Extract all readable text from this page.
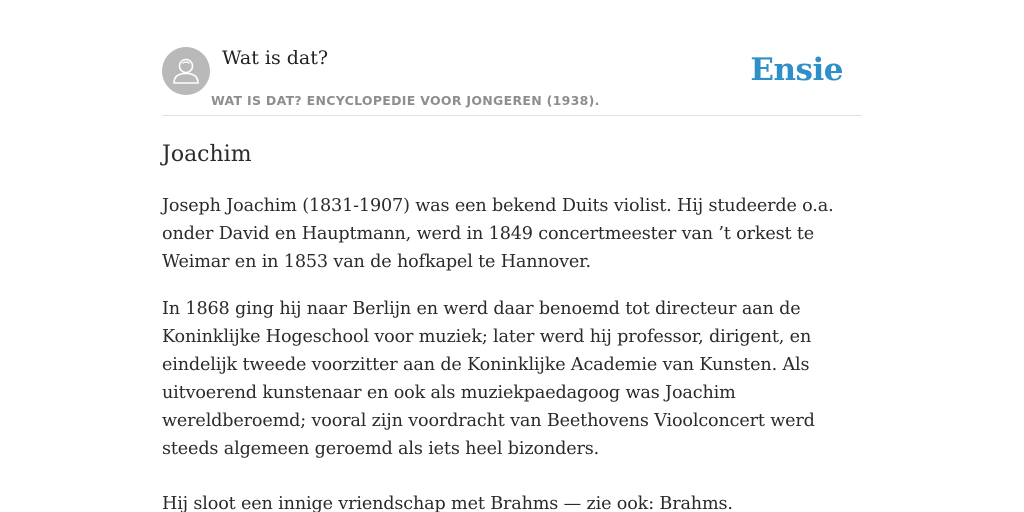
Wat is dat?
WAT IS DAT? ENCYCLOPEDIE VOOR JONGEREN (1938).
Ensie
Joachim

Joseph Joachim (1831-1907) was een bekend Duits violist. Hij studeerde o.a. onder David en Hauptmann, werd in 1849 concertmeester van ’t orkest te Weimar en in 1853 van de hofkapel te Hannover.

In 1868 ging hij naar Berlijn en werd daar benoemd tot directeur aan de Koninklijke Hogeschool voor muziek; later werd hij professor, dirigent, en eindelijk tweede voorzitter aan de Koninklijke Academie van Kunsten. Als uitvoerend kunstenaar en ook als muziekpaedagoog was Joachim wereldberoemd; vooral zijn voordracht van Beethovens Vioolconcert werd steeds algemeen geroemd als iets heel bizonders.

Hij sloot een innige vriendschap met Brahms — zie ook: Brahms.
